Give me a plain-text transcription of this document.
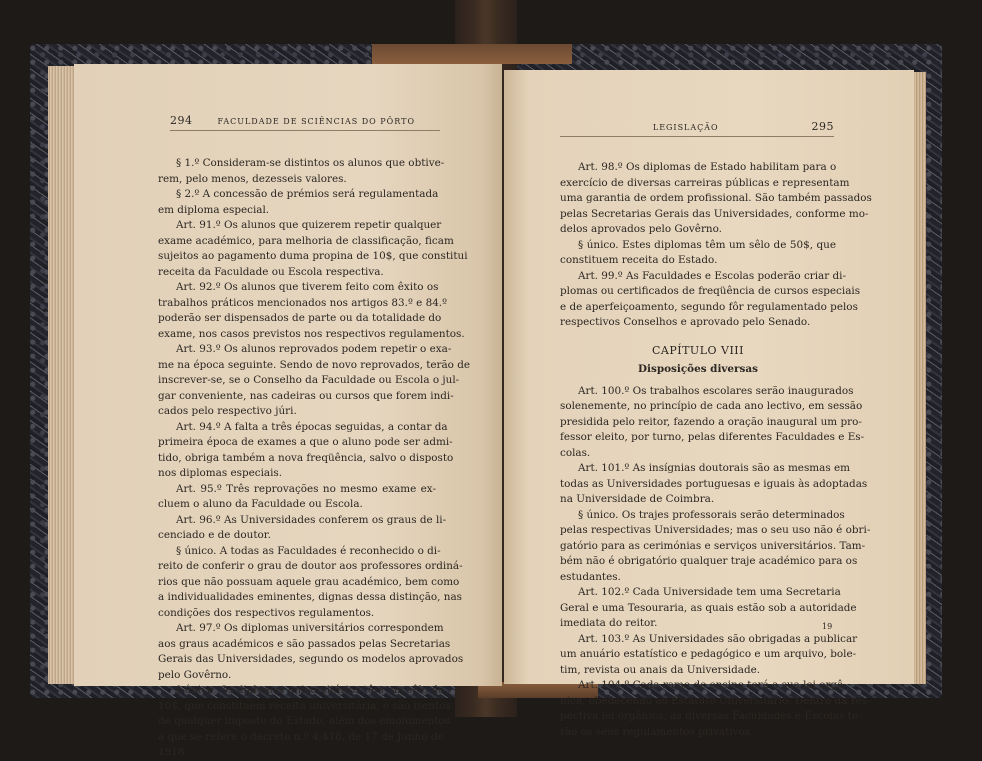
294	FACULDADE DE SCIÊNCIAS DO PÔRTO
§ 1.º Consideram-se distintos os alunos que obtive-
rem, pelo menos, dezesseis valores.
§ 2.º A concessão de prémios será regulamentada
em diploma especial.
Art. 91.º Os alunos que quizerem repetir qualquer
exame académico, para melhoria de classificação, ficam
sujeitos ao pagamento duma propina de 10$, que constitui
receita da Faculdade ou Escola respectiva.
Art. 92.º Os alunos que tiverem feito com êxito os
trabalhos práticos mencionados nos artigos 83.º e 84.º
poderão ser dispensados de parte ou da totalidade do
exame, nos casos previstos nos respectivos regulamentos.
Art. 93.º Os alunos reprovados podem repetir o exa-
me na época seguinte. Sendo de novo reprovados, terão de
inscrever-se, se o Conselho da Faculdade ou Escola o jul-
gar conveniente, nas cadeiras ou cursos que forem indi-
cados pelo respectivo júri.
Art. 94.º A falta a três épocas seguidas, a contar da
primeira época de exames a que o aluno pode ser admi-
tido, obriga também a nova freqüência, salvo o disposto
nos diplomas especiais.
Art. 95.º Três reprovações no mesmo exame ex-
cluem o aluno da Faculdade ou Escola.
Art. 96.º As Universidades conferem os graus de li-
cenciado e de doutor.
§ único. A todas as Faculdades é reconhecido o di-
reito de conferir o grau de doutor aos professores ordiná-
rios que não possuam aquele grau académico, bem como
a individualidades eminentes, dignas dessa distinção, nas
condições dos respectivos regulamentos.
Art. 97.º Os diplomas universitários correspondem
aos graus académicos e são passados pelas Secretarias
Gerais das Universidades, segundo os modelos aprovados
pelo Govêrno.
§ único. Os diplomas universitários têm um sêlo de
10$, que constituem receita universitária, e são isentos
de qualquer imposto do Estado, além dos emolumentos
a que se refere o decreto n.º 4:418, de 17 de Junho de
1918.
LEGISLAÇÃO	295
Art. 98.º Os diplomas de Estado habilitam para o
exercício de diversas carreiras públicas e representam
uma garantia de ordem profissional. São também passados
pelas Secretarias Gerais das Universidades, conforme mo-
delos aprovados pelo Govêrno.
§ único. Estes diplomas têm um sêlo de 50$, que
constituem receita do Estado.
Art. 99.º As Faculdades e Escolas poderão criar di-
plomas ou certificados de freqüência de cursos especiais
e de aperfeiçoamento, segundo fôr regulamentado pelos
respectivos Conselhos e aprovado pelo Senado.
CAPÍTULO VIII
Disposições diversas
Art. 100.º Os trabalhos escolares serão inaugurados
solenemente, no princípio de cada ano lectivo, em sessão
presidida pelo reitor, fazendo a oração inaugural um pro-
fessor eleito, por turno, pelas diferentes Faculdades e Es-
colas.
Art. 101.º As insígnias doutorais são as mesmas em
todas as Universidades portuguesas e iguais às adoptadas
na Universidade de Coimbra.
§ único. Os trajes professorais serão determinados
pelas respectivas Universidades; mas o seu uso não é obri-
gatório para as cerimónias e serviços universitários. Tam-
bém não é obrigatório qualquer traje académico para os
estudantes.
Art. 102.º Cada Universidade tem uma Secretaria
Geral e uma Tesouraria, as quais estão sob a autoridade
imediata do reitor.
Art. 103.º As Universidades são obrigadas a publicar
um anuário estatístico e pedagógico e um arquivo, bole-
tim, revista ou anais da Universidade.
Art. 104.º Cada ramo de ensino terá a sua lei orgâ-
nica, obedecendo ao Estatuto Universitário. Dentro da res-
pectiva lei orgânica, as diversas Faculdades e Escolas te-
rão os seus regulamentos privativos.
19
